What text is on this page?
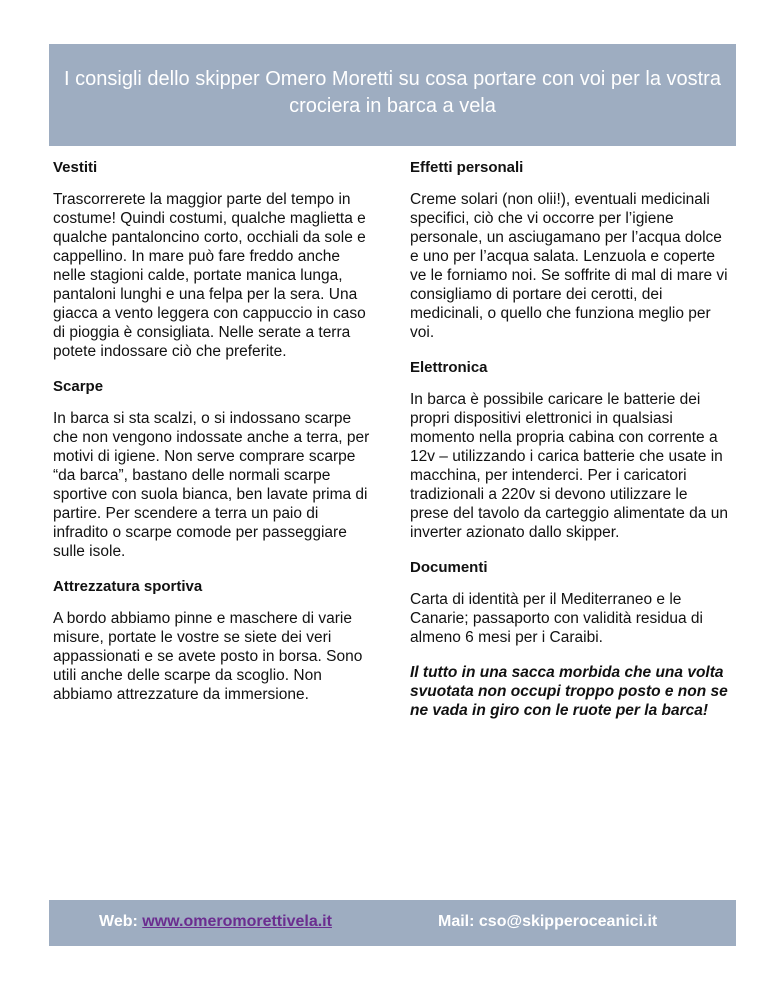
I consigli dello skipper Omero Moretti su cosa portare con voi per la vostra crociera in barca a vela
Vestiti
Trascorrerete la maggior parte del tempo in costume! Quindi costumi, qualche maglietta e qualche pantaloncino corto, occhiali da sole e cappellino. In mare può fare freddo anche nelle stagioni calde, portate manica lunga, pantaloni lunghi e una felpa per la sera. Una giacca a vento leggera con cappuccio in caso di pioggia è consigliata. Nelle serate a terra potete indossare ciò che preferite.
Scarpe
In barca si sta scalzi, o si indossano scarpe che non vengono indossate anche a terra, per motivi di igiene. Non serve comprare scarpe “da barca”, bastano delle normali scarpe sportive con suola bianca, ben lavate prima di partire. Per scendere a terra un paio di infradito o scarpe comode per passeggiare sulle isole.
Attrezzatura sportiva
A bordo abbiamo pinne e maschere di varie misure, portate le vostre se siete dei veri appassionati e se avete posto in borsa. Sono utili anche delle scarpe da scoglio. Non abbiamo attrezzature da immersione.
Effetti personali
Creme solari (non olii!), eventuali medicinali specifici, ciò che vi occorre per l’igiene personale, un asciugamano per l’acqua dolce e uno per l’acqua salata. Lenzuola e coperte ve le forniamo noi. Se soffrite di mal di mare vi consigliamo di portare dei cerotti, dei medicinali, o quello che funziona meglio per voi.
Elettronica
In barca è possibile caricare le batterie dei propri dispositivi elettronici in qualsiasi momento nella propria cabina con corrente a 12v – utilizzando i carica batterie che usate in macchina, per intenderci. Per i caricatori tradizionali a 220v si devono utilizzare le prese del tavolo da carteggio alimentate da un inverter azionato dallo skipper.
Documenti
Carta di identità per il Mediterraneo e le Canarie; passaporto con validità residua di almeno 6 mesi per i Caraibi.
Il tutto in una sacca morbida che una volta svuotata non occupi troppo posto e non se ne vada in giro con le ruote per la barca!
Web: www.omeromorettivela.it	Mail: cso@skipperoceanici.it
